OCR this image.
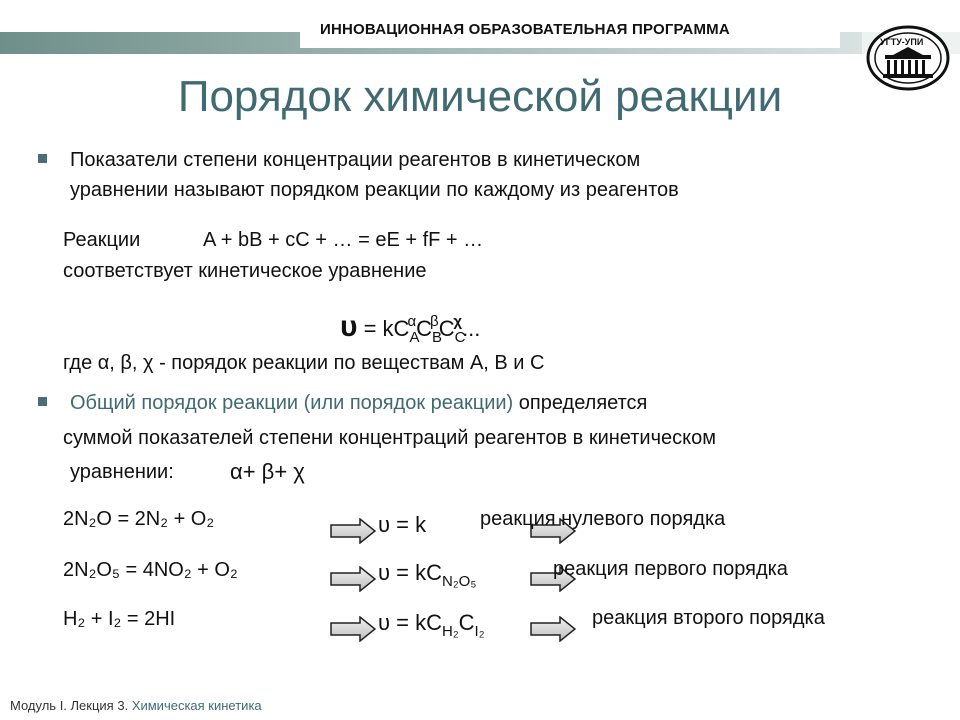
ИННОВАЦИОННАЯ ОБРАЗОВАТЕЛЬНАЯ ПРОГРАММА
УГТУ-УПИ
Порядок химической реакции
Показатели степени концентрации реагентов в кинетическом
уравнении называют порядком реакции по каждому из реагентов
Реакции	A + bB + cC + … = eE + fF + …
соответствует кинетическое уравнение
$\upsilon = kC_A^\alpha C_B^\beta C_C^\chi$...
где α, β, χ - порядок реакции по веществам A, B и C
Общий порядок реакции (или порядок реакции) определяется
суммой показателей степени концентраций реагентов в кинетическом
уравнении:	α+ β+ χ
2N₂O = 2N₂ + O₂
2N₂O₅ = 4NO₂ + O₂
H₂ + I₂ = 2HI
υ = k
$\upsilon = kC_{N_2O_5}$
$\upsilon = kC_{H_2}C_{I_2}$
реакция нулевого порядка
реакция первого порядка
реакция второго порядка
Модуль I. Лекция 3. Химическая кинетика
